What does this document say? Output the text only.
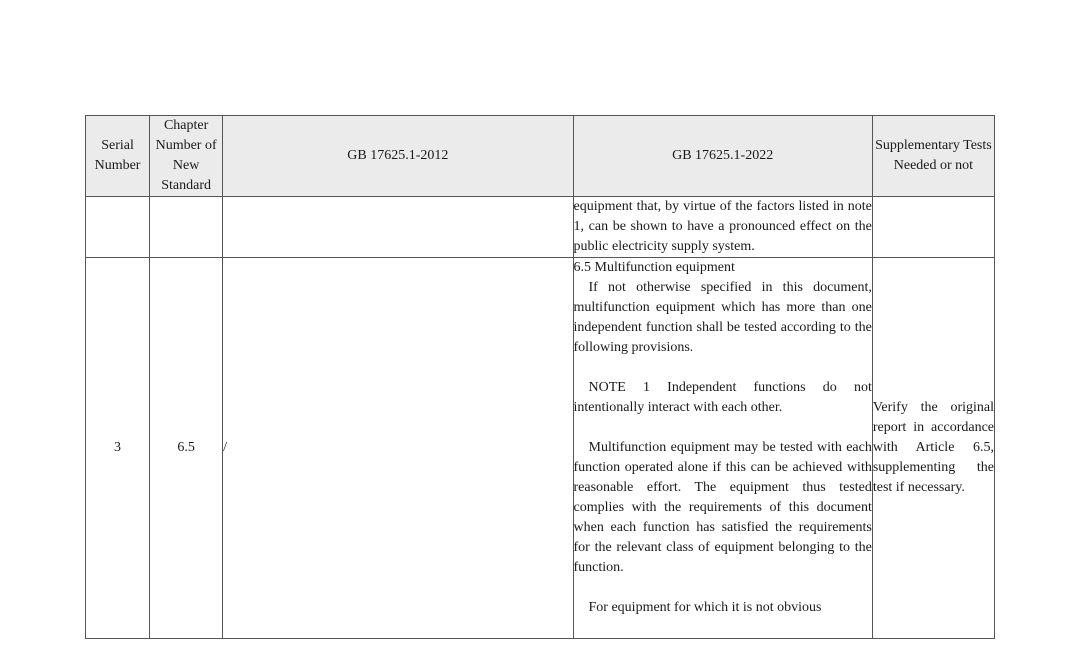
Serial Number	Chapter Number of New Standard	GB 17625.1-2012	GB 17625.1-2022	Supplementary Tests Needed or not

			equipment that, by virtue of the factors listed in note 1, can be shown to have a pronounced effect on the public electricity supply system.	

3	6.5	/	6.5 Multifunction equipment
If not otherwise specified in this document, multifunction equipment which has more than one independent function shall be tested according to the following provisions.
NOTE 1 Independent functions do not intentionally interact with each other.
Multifunction equipment may be tested with each function operated alone if this can be achieved with reasonable effort. The equipment thus tested complies with the requirements of this document when each function has satisfied the requirements for the relevant class of equipment belonging to the function.
For equipment for which it is not obvious	Verify the original report in accordance with Article 6.5, supplementing the test if necessary.
